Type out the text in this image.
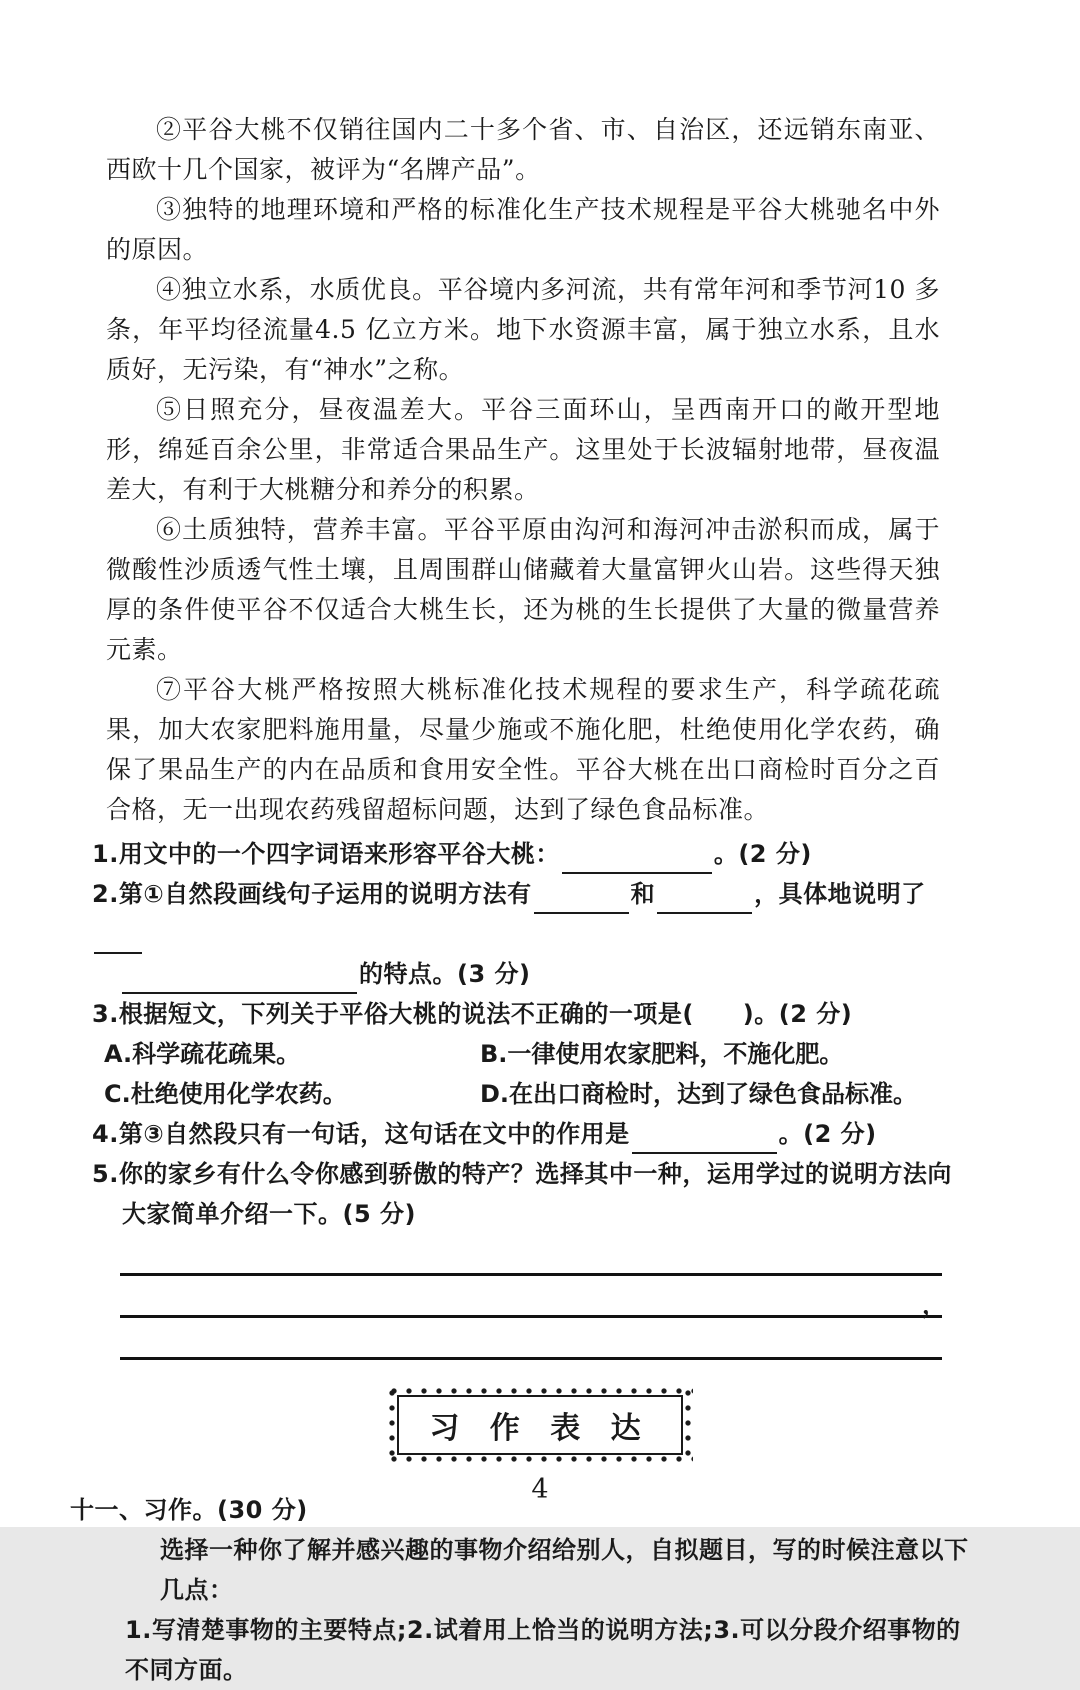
②平谷大桃不仅销往国内二十多个省、市、自治区，还远销东南亚、西欧十几个国家，被评为“名牌产品”。

③独特的地理环境和严格的标准化生产技术规程是平谷大桃驰名中外的原因。

④独立水系，水质优良。平谷境内多河流，共有常年河和季节河10 多条，年平均径流量4.5 亿立方米。地下水资源丰富，属于独立水系，且水质好，无污染，有“神水”之称。

⑤日照充分，昼夜温差大。平谷三面环山，呈西南开口的敞开型地形，绵延百余公里，非常适合果品生产。这里处于长波辐射地带，昼夜温差大，有利于大桃糖分和养分的积累。

⑥土质独特，营养丰富。平谷平原由沟河和海河冲击淤积而成，属于微酸性沙质透气性土壤，且周围群山储藏着大量富钾火山岩。这些得天独厚的条件使平谷不仅适合大桃生长，还为桃的生长提供了大量的微量营养元素。

⑦平谷大桃严格按照大桃标准化技术规程的要求生产，科学疏花疏果，加大农家肥料施用量，尽量少施或不施化肥，杜绝使用化学农药，确保了果品生产的内在品质和食用安全性。平谷大桃在出口商检时百分之百合格，无一出现农药残留超标问题，达到了绿色食品标准。

1.用文中的一个四字词语来形容平谷大桃：	。(2 分)

2.第①自然段画线句子运用的说明方法有	和	，具体地说明了

的特点。(3 分)

3.根据短文，下列关于平俗大桃的说法不正确的一项是(　　)。(2 分)

A.科学疏花疏果。	B.一律使用农家肥料，不施化肥。
C.杜绝使用化学农药。	D.在出口商检时，达到了绿色食品标准。

4.第③自然段只有一句话，这句话在文中的作用是	。(2 分)

5.你的家乡有什么令你感到骄傲的特产？选择其中一种，运用学过的说明方法向大家简单介绍一下。(5 分)

，
习 作 表 达

十一、习作。(30 分)

选择一种你了解并感兴趣的事物介绍给别人，自拟题目，写的时候注意以下几点：

1.写清楚事物的主要特点;2.试着用上恰当的说明方法;3.可以分段介绍事物的不同方面。

4
